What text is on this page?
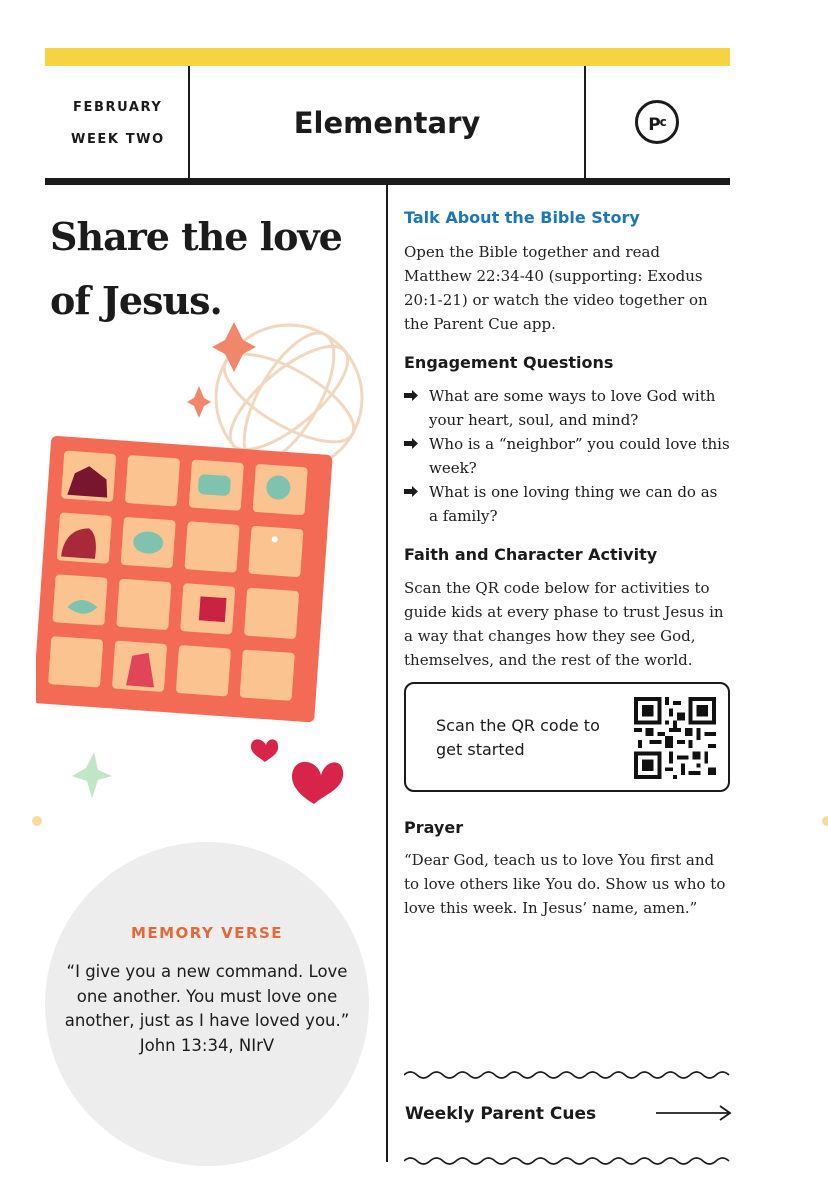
FEBRUARY
WEEK TWO	Elementary	$P^c$
Share the love of Jesus.
MEMORY VERSE
“I give you a new command. Love one another. You must love one another, just as I have loved you.”
John 13:34, NIrV
Talk About the Bible Story
Open the Bible together and read Matthew 22:34-40 (supporting: Exodus 20:1-21) or watch the video together on the Parent Cue app.
Engagement Questions
What are some ways to love God with your heart, soul, and mind?
Who is a “neighbor” you could love this week?
What is one loving thing we can do as a family?
Faith and Character Activity
Scan the QR code below for activities to guide kids at every phase to trust Jesus in a way that changes how they see God, themselves, and the rest of the world.
Scan the QR code to get started
Prayer
“Dear God, teach us to love You first and to love others like You do. Show us who to love this week. In Jesus’ name, amen.”
Weekly Parent Cues
